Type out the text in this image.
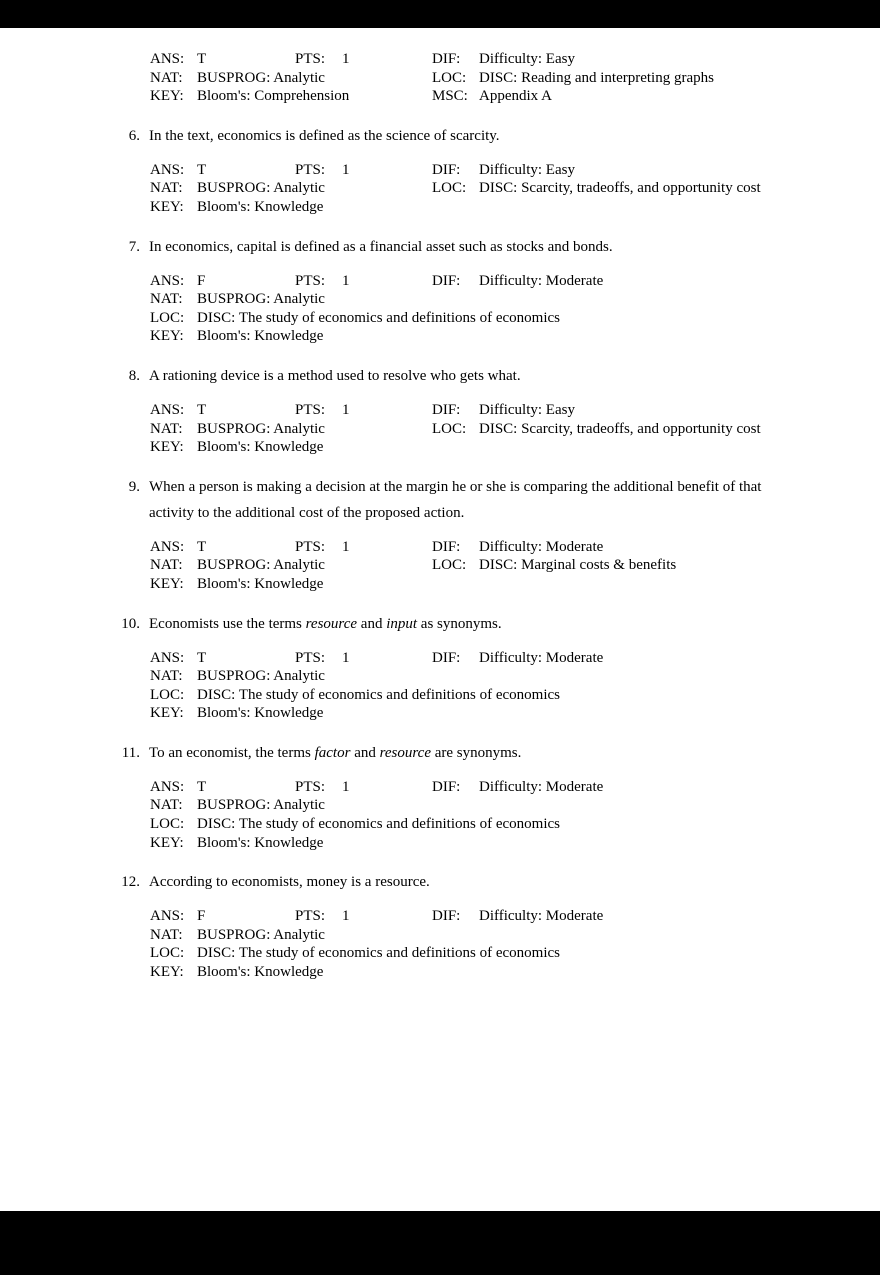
ANS: T	PTS: 1	DIF: Difficulty: Easy
NAT: BUSPROG: Analytic	LOC: DISC: Reading and interpreting graphs
KEY: Bloom's: Comprehension	MSC: Appendix A
6. In the text, economics is defined as the science of scarcity.
ANS: T	PTS: 1	DIF: Difficulty: Easy
NAT: BUSPROG: Analytic	LOC: DISC: Scarcity, tradeoffs, and opportunity cost
KEY: Bloom's: Knowledge
7. In economics, capital is defined as a financial asset such as stocks and bonds.
ANS: F	PTS: 1	DIF: Difficulty: Moderate
NAT: BUSPROG: Analytic
LOC: DISC: The study of economics and definitions of economics
KEY: Bloom's: Knowledge
8. A rationing device is a method used to resolve who gets what.
ANS: T	PTS: 1	DIF: Difficulty: Easy
NAT: BUSPROG: Analytic	LOC: DISC: Scarcity, tradeoffs, and opportunity cost
KEY: Bloom's: Knowledge
9. When a person is making a decision at the margin he or she is comparing the additional benefit of that activity to the additional cost of the proposed action.
ANS: T	PTS: 1	DIF: Difficulty: Moderate
NAT: BUSPROG: Analytic	LOC: DISC: Marginal costs & benefits
KEY: Bloom's: Knowledge
10. Economists use the terms resource and input as synonyms.
ANS: T	PTS: 1	DIF: Difficulty: Moderate
NAT: BUSPROG: Analytic
LOC: DISC: The study of economics and definitions of economics
KEY: Bloom's: Knowledge
11. To an economist, the terms factor and resource are synonyms.
ANS: T	PTS: 1	DIF: Difficulty: Moderate
NAT: BUSPROG: Analytic
LOC: DISC: The study of economics and definitions of economics
KEY: Bloom's: Knowledge
12. According to economists, money is a resource.
ANS: F	PTS: 1	DIF: Difficulty: Moderate
NAT: BUSPROG: Analytic
LOC: DISC: The study of economics and definitions of economics
KEY: Bloom's: Knowledge
